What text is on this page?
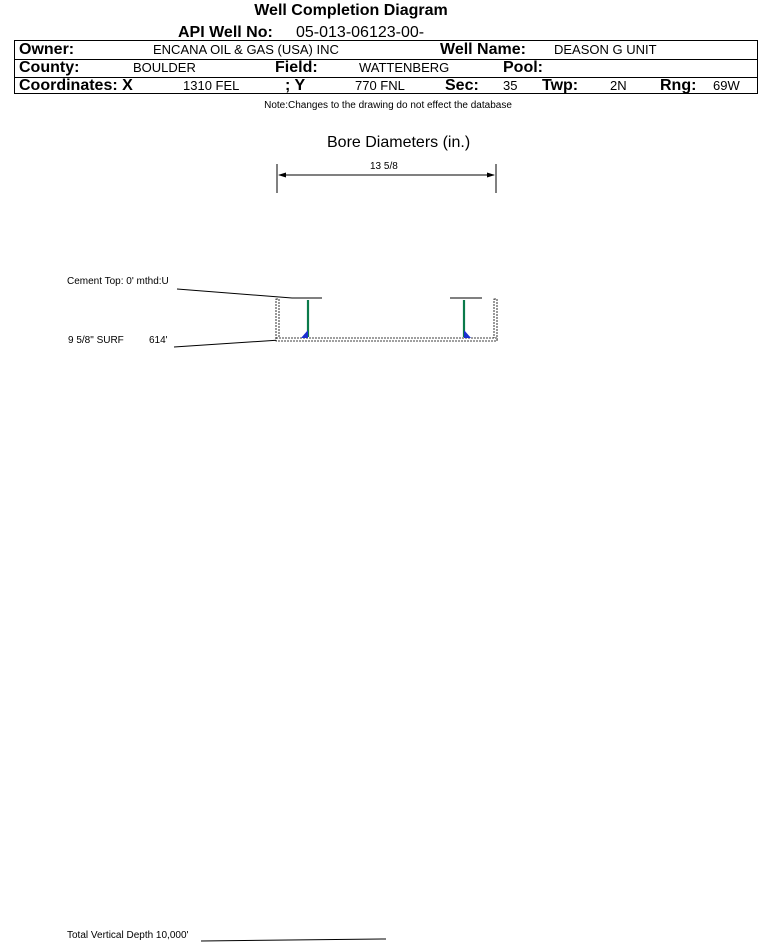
Well Completion Diagram
API Well No: 05-013-06123-00-
Owner:	ENCANA OIL & GAS (USA) INC	Well Name: DEASON G UNIT
County:	BOULDER	Field:	WATTENBERG	Pool:
Coordinates: X	1310 FEL	; Y	770 FNL	Sec: 35 Twp: 2N Rng: 69W
Note:Changes to the drawing do not effect the database
Bore Diameters (in.)
13 5/8
Cement Top: 0' mthd:U
9 5/8" SURF	614'
Total Vertical Depth 10,000'
